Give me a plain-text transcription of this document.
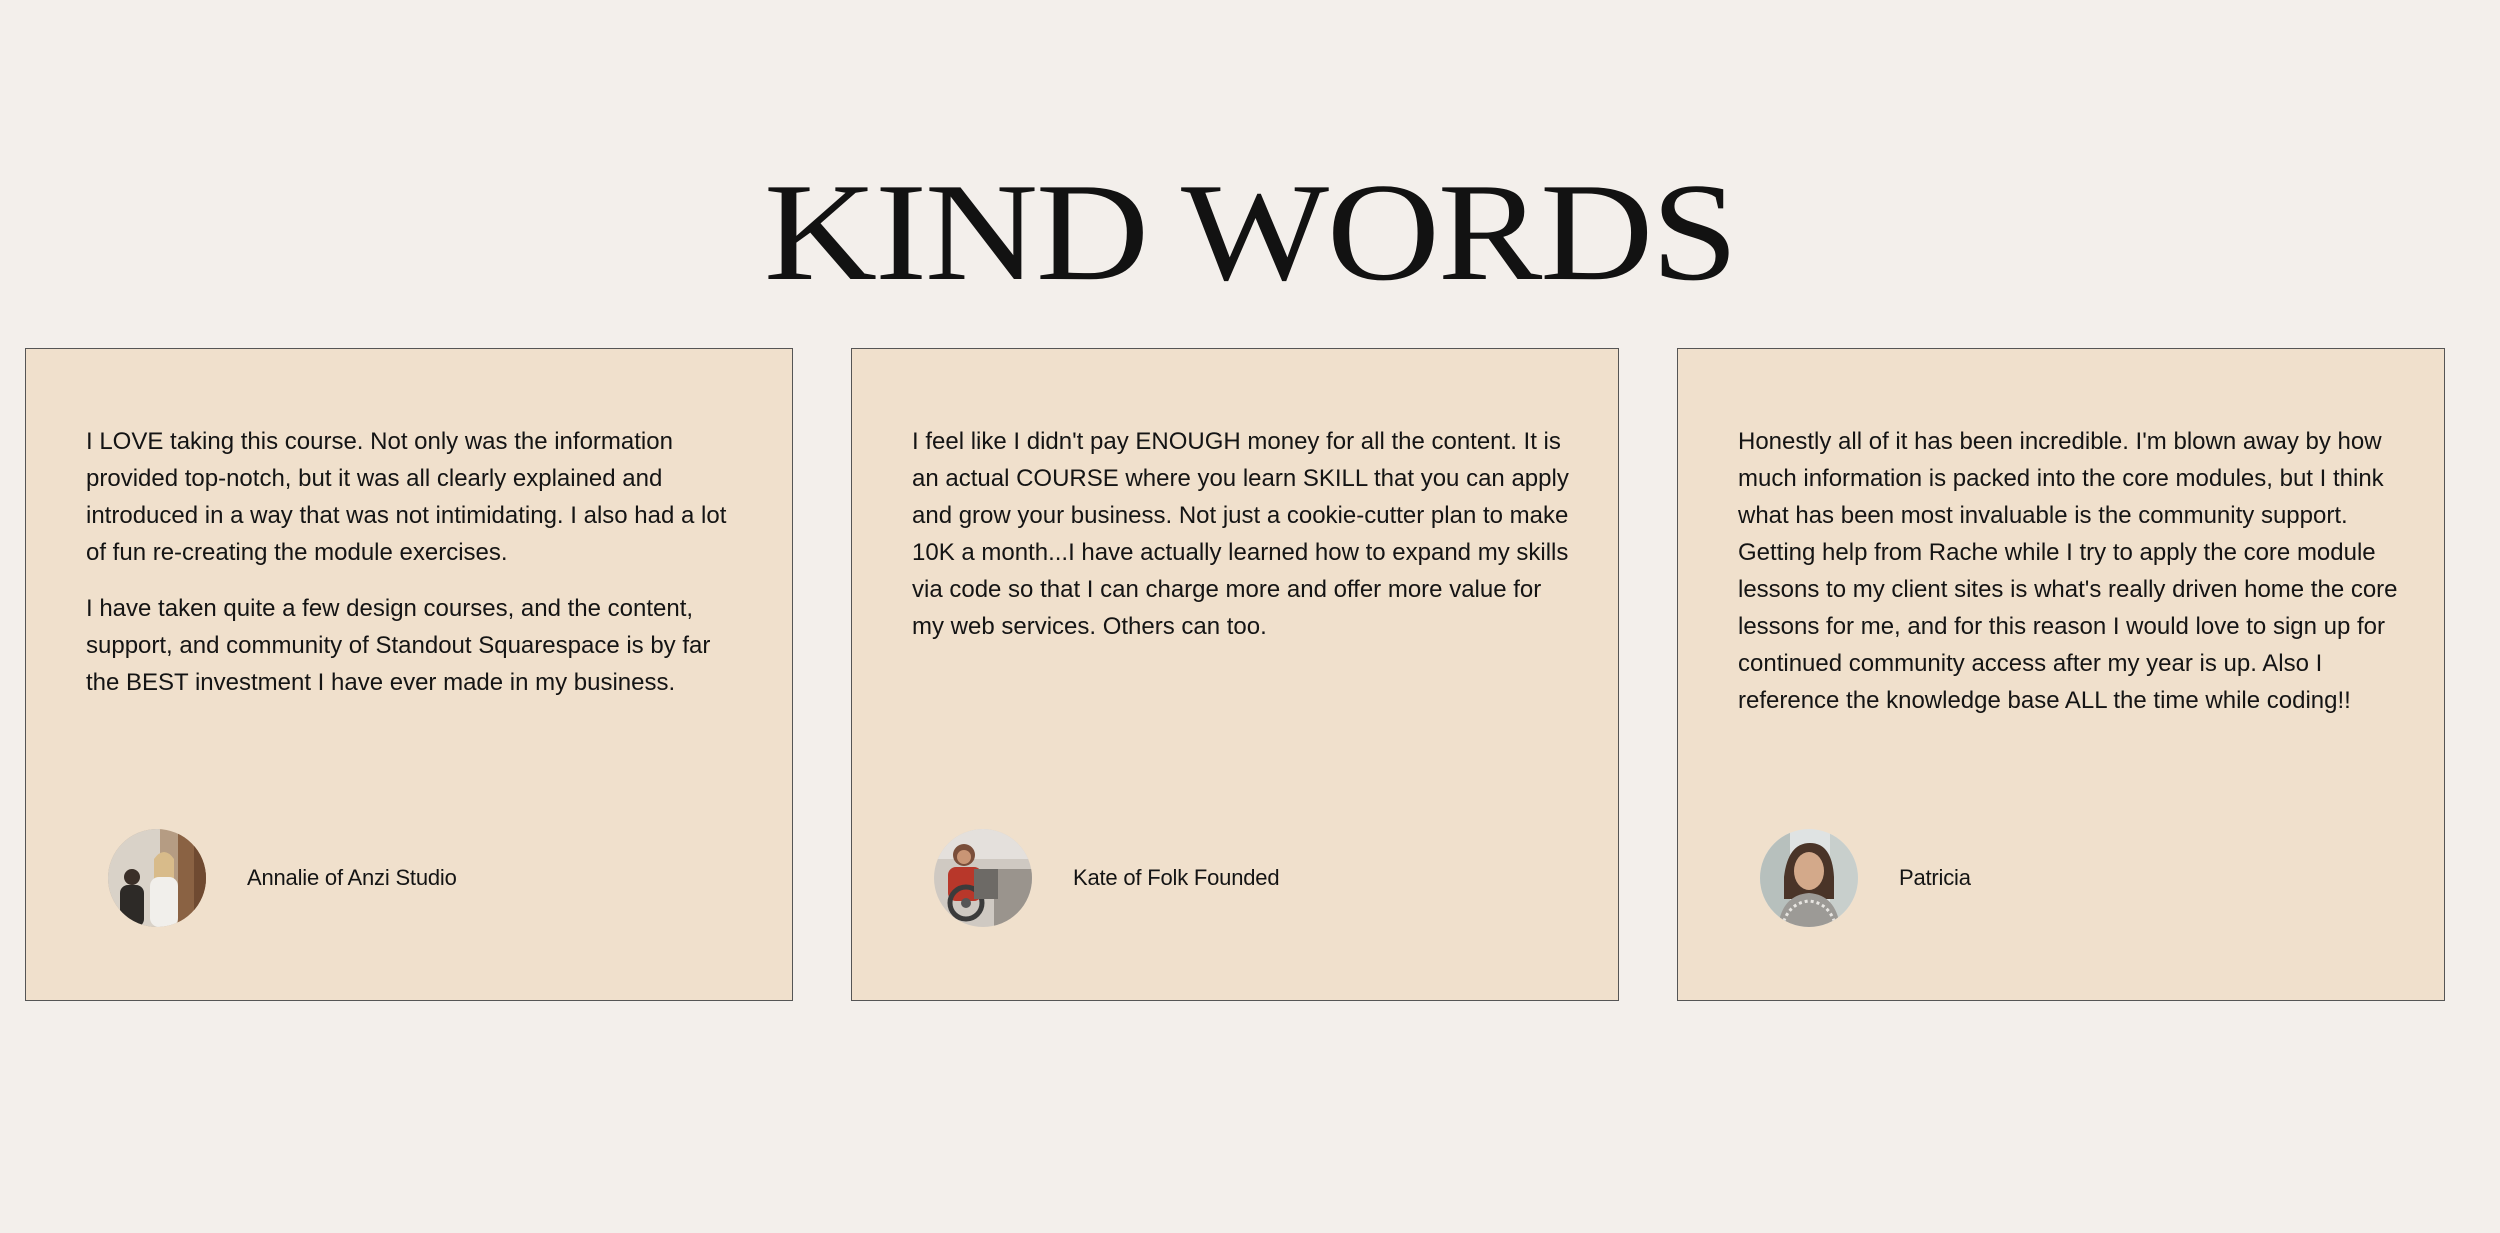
KIND WORDS

I LOVE taking this course. Not only was the information provided top-notch, but it was all clearly explained and introduced in a way that was not intimidating. I also had a lot of fun re-creating the module exercises.

I have taken quite a few design courses, and the content, support, and community of Standout Squarespace is by far the BEST investment I have ever made in my business.

Annalie of Anzi Studio

I feel like I didn't pay ENOUGH money for all the content. It is an actual COURSE where you learn SKILL that you can apply and grow your business. Not just a cookie-cutter plan to make 10K a month...I have actually learned how to expand my skills via code so that I can charge more and offer more value for my web services. Others can too.

Kate of Folk Founded

Honestly all of it has been incredible. I'm blown away by how much information is packed into the core modules, but I think what has been most invaluable is the community support. Getting help from Rache while I try to apply the core module lessons to my client sites is what's really driven home the core lessons for me, and for this reason I would love to sign up for continued community access after my year is up. Also I reference the knowledge base ALL the time while coding!!

Patricia
